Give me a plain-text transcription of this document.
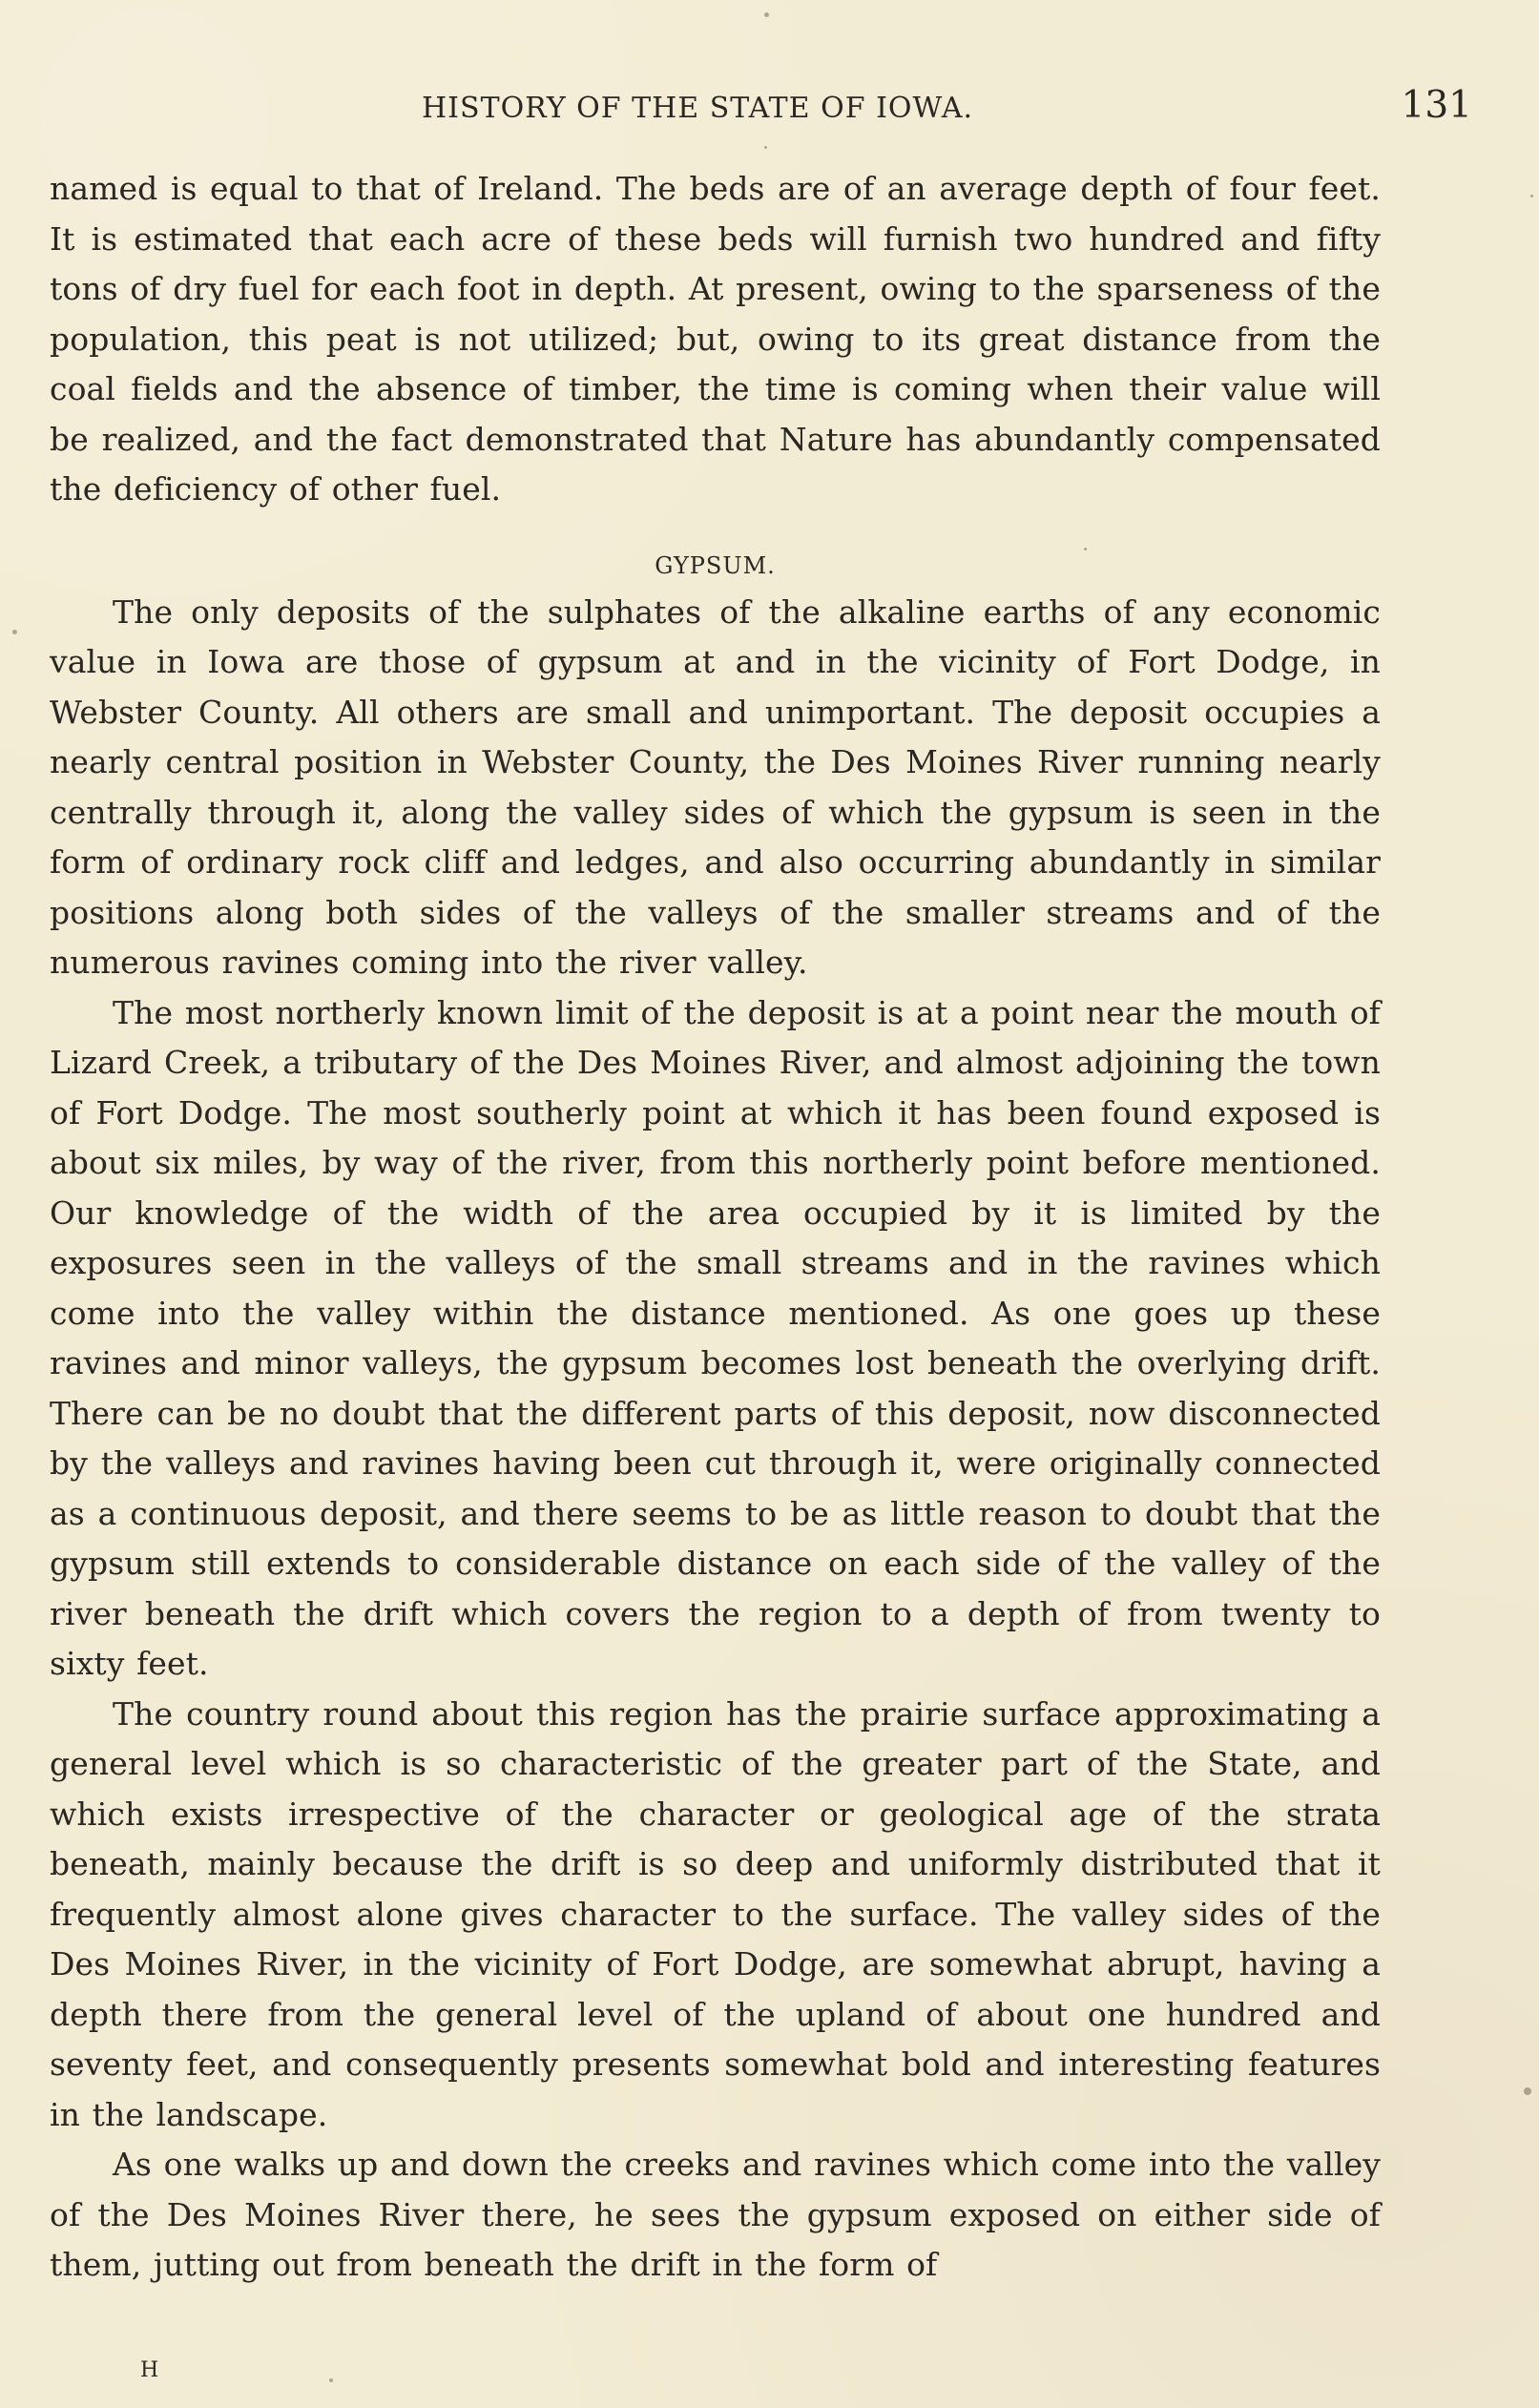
HISTORY OF THE STATE OF IOWA.	131

named is equal to that of Ireland. The beds are of an average depth of four feet. It is estimated that each acre of these beds will furnish two hundred and fifty tons of dry fuel for each foot in depth. At present, owing to the sparseness of the population, this peat is not utilized; but, owing to its great distance from the coal fields and the absence of timber, the time is coming when their value will be realized, and the fact demonstrated that Nature has abundantly compensated the deficiency of other fuel.

GYPSUM.

The only deposits of the sulphates of the alkaline earths of any economic value in Iowa are those of gypsum at and in the vicinity of Fort Dodge, in Webster County. All others are small and unimportant. The deposit occupies a nearly central position in Webster County, the Des Moines River running nearly centrally through it, along the valley sides of which the gypsum is seen in the form of ordinary rock cliff and ledges, and also occurring abundantly in similar positions along both sides of the valleys of the smaller streams and of the numerous ravines coming into the river valley.

The most northerly known limit of the deposit is at a point near the mouth of Lizard Creek, a tributary of the Des Moines River, and almost adjoining the town of Fort Dodge. The most southerly point at which it has been found exposed is about six miles, by way of the river, from this northerly point before mentioned. Our knowledge of the width of the area occupied by it is limited by the exposures seen in the valleys of the small streams and in the ravines which come into the valley within the distance mentioned. As one goes up these ravines and minor valleys, the gypsum becomes lost beneath the overlying drift. There can be no doubt that the different parts of this deposit, now disconnected by the valleys and ravines having been cut through it, were originally connected as a continuous deposit, and there seems to be as little reason to doubt that the gypsum still extends to considerable distance on each side of the valley of the river beneath the drift which covers the region to a depth of from twenty to sixty feet.

The country round about this region has the prairie surface approximating a general level which is so characteristic of the greater part of the State, and which exists irrespective of the character or geological age of the strata beneath, mainly because the drift is so deep and uniformly distributed that it frequently almost alone gives character to the surface. The valley sides of the Des Moines River, in the vicinity of Fort Dodge, are somewhat abrupt, having a depth there from the general level of the upland of about one hundred and seventy feet, and consequently presents somewhat bold and interesting features in the landscape.

As one walks up and down the creeks and ravines which come into the valley of the Des Moines River there, he sees the gypsum exposed on either side of them, jutting out from beneath the drift in the form of

H
